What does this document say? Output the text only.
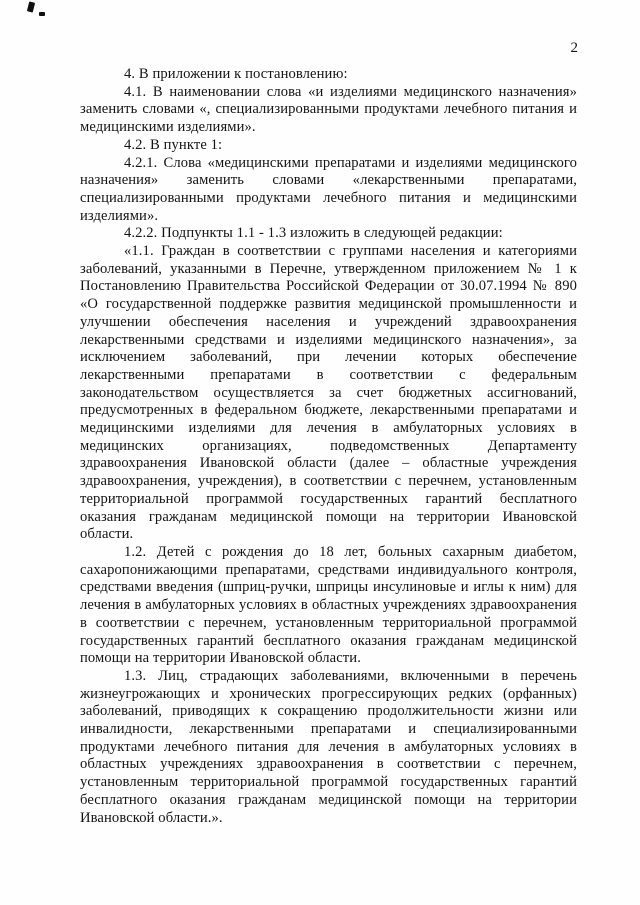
2

4. В приложении к постановлению:

4.1. В наименовании слова «и изделиями медицинского назначения» заменить словами «, специализированными продуктами лечебного питания и медицинскими изделиями».

4.2. В пункте 1:

4.2.1. Слова «медицинскими препаратами и изделиями медицинского назначения» заменить словами «лекарственными препаратами, специализированными продуктами лечебного питания и медицинскими изделиями».

4.2.2. Подпункты 1.1 - 1.3 изложить в следующей редакции:

«1.1. Граждан в соответствии с группами населения и категориями заболеваний, указанными в Перечне, утвержденном приложением № 1 к Постановлению Правительства Российской Федерации от 30.07.1994 № 890 «О государственной поддержке развития медицинской промышленности и улучшении обеспечения населения и учреждений здравоохранения лекарственными средствами и изделиями медицинского назначения», за исключением заболеваний, при лечении которых обеспечение лекарственными препаратами в соответствии с федеральным законодательством осуществляется за счет бюджетных ассигнований, предусмотренных в федеральном бюджете, лекарственными препаратами и медицинскими изделиями для лечения в амбулаторных условиях в медицинских организациях, подведомственных Департаменту здравоохранения Ивановской области (далее – областные учреждения здравоохранения, учреждения), в соответствии с перечнем, установленным территориальной программой государственных гарантий бесплатного оказания гражданам медицинской помощи на территории Ивановской области.

1.2. Детей с рождения до 18 лет, больных сахарным диабетом, сахаропонижающими препаратами, средствами индивидуального контроля, средствами введения (шприц-ручки, шприцы инсулиновые и иглы к ним) для лечения в амбулаторных условиях в областных учреждениях здравоохранения в соответствии с перечнем, установленным территориальной программой государственных гарантий бесплатного оказания гражданам медицинской помощи на территории Ивановской области.

1.3. Лиц, страдающих заболеваниями, включенными в перечень жизнеугрожающих и хронических прогрессирующих редких (орфанных) заболеваний, приводящих к сокращению продолжительности жизни или инвалидности, лекарственными препаратами и специализированными продуктами лечебного питания для лечения в амбулаторных условиях в областных учреждениях здравоохранения в соответствии с перечнем, установленным территориальной программой государственных гарантий бесплатного оказания гражданам медицинской помощи на территории Ивановской области.».
